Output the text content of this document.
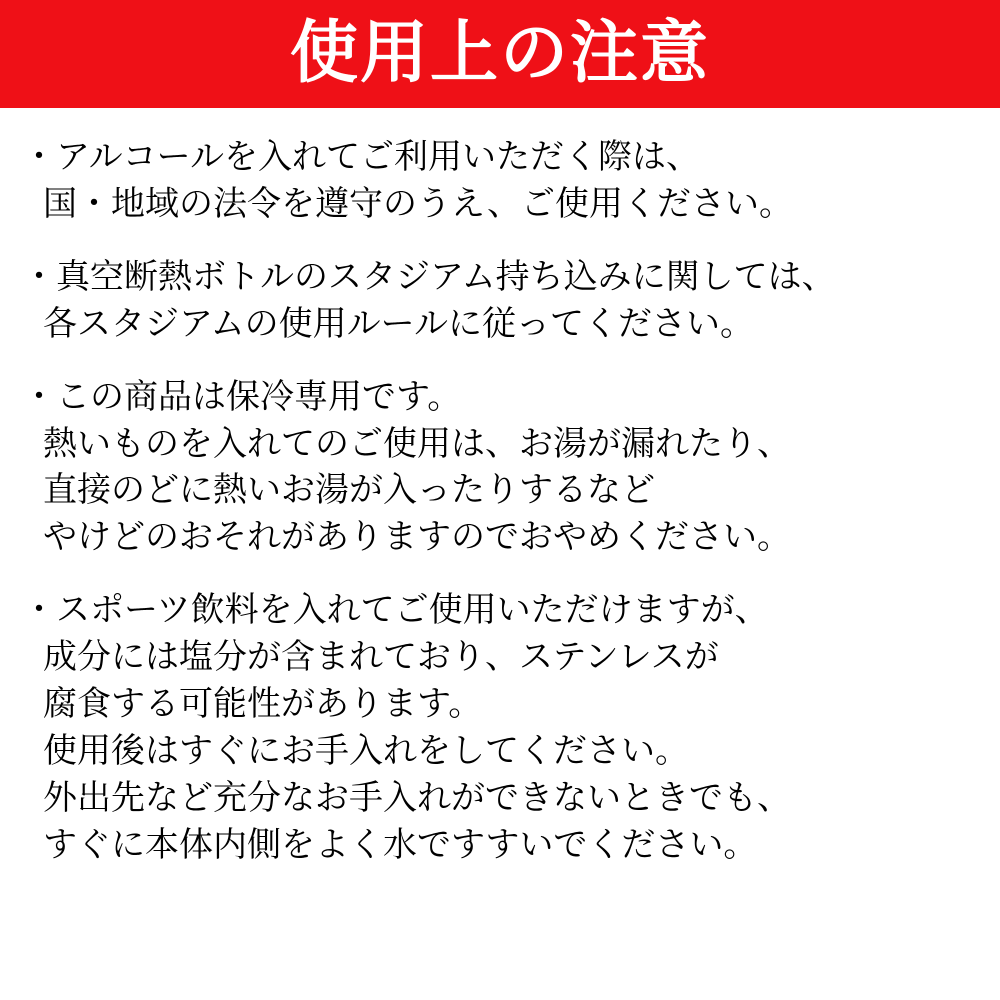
使用上の注意
・アルコールを入れてご利用いただく際は、
国・地域の法令を遵守のうえ、ご使用ください。
・真空断熱ボトルのスタジアム持ち込みに関しては、
各スタジアムの使用ルールに従ってください。
・この商品は保冷専用です。
熱いものを入れてのご使用は、お湯が漏れたり、
直接のどに熱いお湯が入ったりするなど
やけどのおそれがありますのでおやめください。
・スポーツ飲料を入れてご使用いただけますが、
成分には塩分が含まれており、ステンレスが
腐食する可能性があります。
使用後はすぐにお手入れをしてください。
外出先など充分なお手入れができないときでも、
すぐに本体内側をよく水ですすいでください。
